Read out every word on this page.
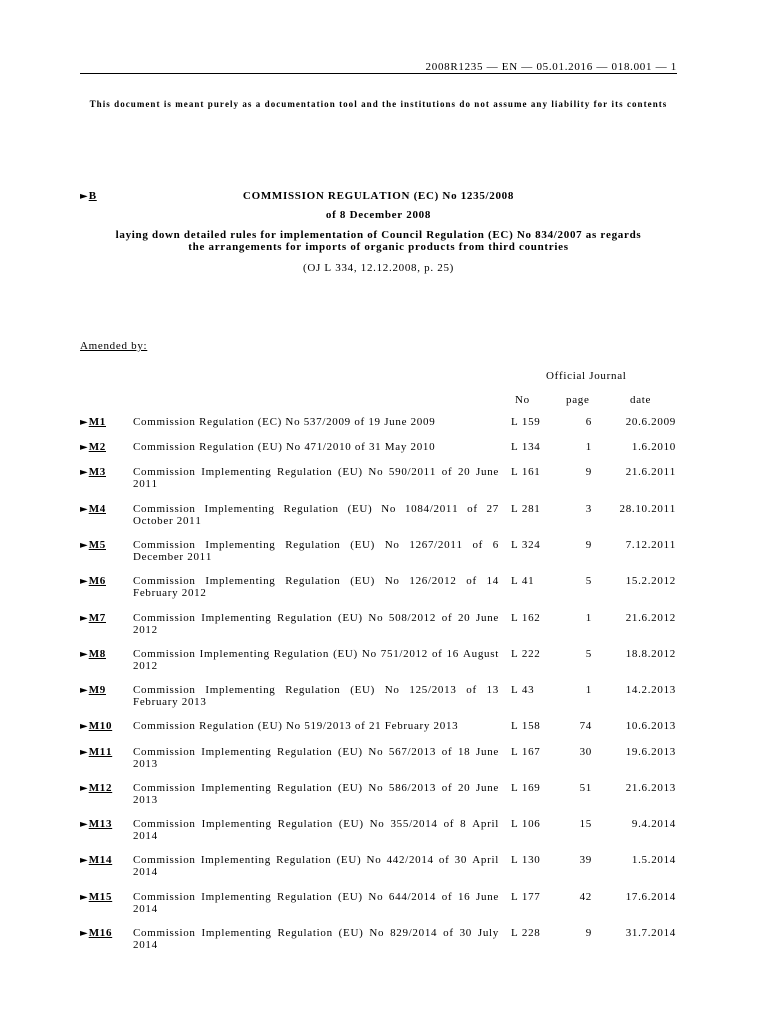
2008R1235 — EN — 05.01.2016 — 018.001 — 1
This document is meant purely as a documentation tool and the institutions do not assume any liability for its contents
►B	COMMISSION REGULATION (EC) No 1235/2008
of 8 December 2008
laying down detailed rules for implementation of Council Regulation (EC) No 834/2007 as regards the arrangements for imports of organic products from third countries
(OJ L 334, 12.12.2008, p. 25)
Amended by:
Official Journal
No	page	date
►M1	Commission Regulation (EC) No 537/2009 of 19 June 2009	L 159	6	20.6.2009
►M2	Commission Regulation (EU) No 471/2010 of 31 May 2010	L 134	1	1.6.2010
►M3	Commission Implementing Regulation (EU) No 590/2011 of 20 June 2011
L 161	9	21.6.2011
►M4	Commission Implementing Regulation (EU) No 1084/2011 of 27 October 2011
L 281	3	28.10.2011
►M5	Commission Implementing Regulation (EU) No 1267/2011 of 6 December 2011
L 324	9	7.12.2011
►M6	Commission Implementing Regulation (EU) No 126/2012 of 14 February 2012
L 41	5	15.2.2012
►M7	Commission Implementing Regulation (EU) No 508/2012 of 20 June 2012
L 162	1	21.6.2012
►M8	Commission Implementing Regulation (EU) No 751/2012 of 16 August 2012
L 222	5	18.8.2012
►M9	Commission Implementing Regulation (EU) No 125/2013 of 13 February 2013
L 43	1	14.2.2013
►M10	Commission Regulation (EU) No 519/2013 of 21 February 2013	L 158	74	10.6.2013
►M11	Commission Implementing Regulation (EU) No 567/2013 of 18 June 2013
L 167	30	19.6.2013
►M12	Commission Implementing Regulation (EU) No 586/2013 of 20 June 2013
L 169	51	21.6.2013
►M13	Commission Implementing Regulation (EU) No 355/2014 of 8 April 2014
L 106	15	9.4.2014
►M14	Commission Implementing Regulation (EU) No 442/2014 of 30 April 2014
L 130	39	1.5.2014
►M15	Commission Implementing Regulation (EU) No 644/2014 of 16 June 2014
L 177	42	17.6.2014
►M16	Commission Implementing Regulation (EU) No 829/2014 of 30 July 2014
L 228	9	31.7.2014
